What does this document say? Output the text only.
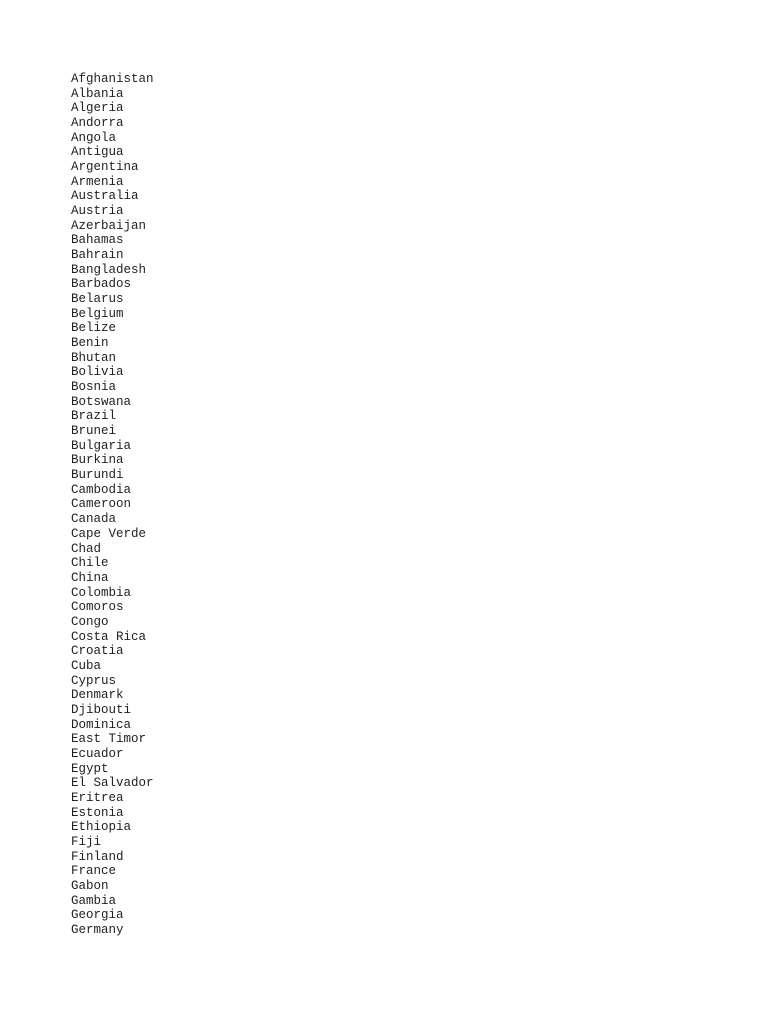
Afghanistan
Albania
Algeria
Andorra
Angola
Antigua
Argentina
Armenia
Australia
Austria
Azerbaijan
Bahamas
Bahrain
Bangladesh
Barbados
Belarus
Belgium
Belize
Benin
Bhutan
Bolivia
Bosnia
Botswana
Brazil
Brunei
Bulgaria
Burkina
Burundi
Cambodia
Cameroon
Canada
Cape Verde
Chad
Chile
China
Colombia
Comoros
Congo
Costa Rica
Croatia
Cuba
Cyprus
Denmark
Djibouti
Dominica
East Timor
Ecuador
Egypt
El Salvador
Eritrea
Estonia
Ethiopia
Fiji
Finland
France
Gabon
Gambia
Georgia
Germany
